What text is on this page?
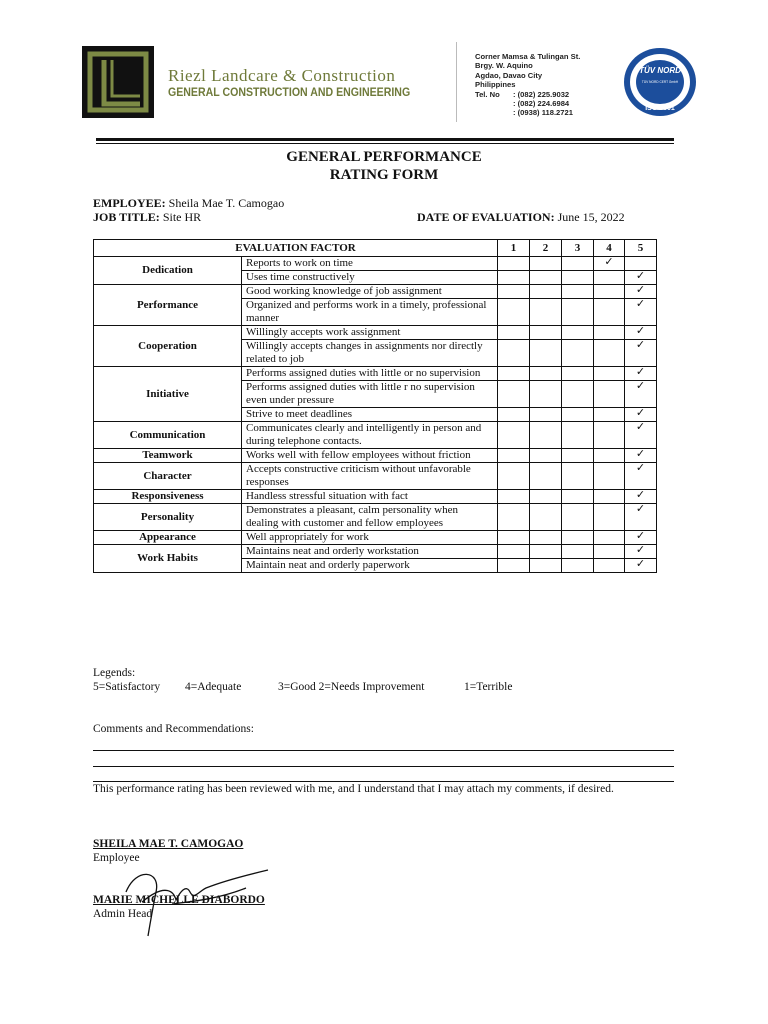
Riezl Landcare & Construction
GENERAL CONSTRUCTION AND ENGINEERING
Corner Mamsa & Tulingan St.
Brgy. W. Aquino
Agdao, Davao City
Philippines
Tel. No	: (082) 225.9032
: (082) 224.6984
: (0938) 118.2721
TÜV NORD
TÜV NORD CERT GmbH
ISO 9001
GENERAL PERFORMANCE
RATING FORM
EMPLOYEE: Sheila Mae T. Camogao
JOB TITLE: Site HR	DATE OF EVALUATION: June 15, 2022
EVALUATION FACTOR		1	2	3	4	5
Dedication	Reports to work on time				✓	
	Uses time constructively					✓
Performance	Good working knowledge of job assignment					✓
	Organized and performs work in a timely, professional manner					✓
Cooperation	Willingly accepts work assignment					✓
	Willingly accepts changes in assignments nor directly related to job					✓
Initiative	Performs assigned duties with little or no supervision					✓
	Performs assigned duties with little r no supervision even under pressure					✓
	Strive to meet deadlines					✓
Communication	Communicates clearly and intelligently in person and during telephone contacts.					✓
Teamwork	Works well with fellow employees without friction					✓
Character	Accepts constructive criticism without unfavorable responses					✓
Responsiveness	Handless stressful situation with fact					✓
Personality	Demonstrates a pleasant, calm personality when dealing with customer and fellow employees					✓
Appearance	Well appropriately for work					✓
Work Habits	Maintains neat and orderly workstation					✓
	Maintain neat and orderly paperwork					✓
Legends:
5=Satisfactory 4=Adequate	3=Good 2=Needs Improvement	1=Terrible
Comments and Recommendations:
This performance rating has been reviewed with me, and I understand that I may attach my comments, if desired.
SHEILA MAE T. CAMOGAO
Employee
MARIE MICHELLE DIABORDO
Admin Head
